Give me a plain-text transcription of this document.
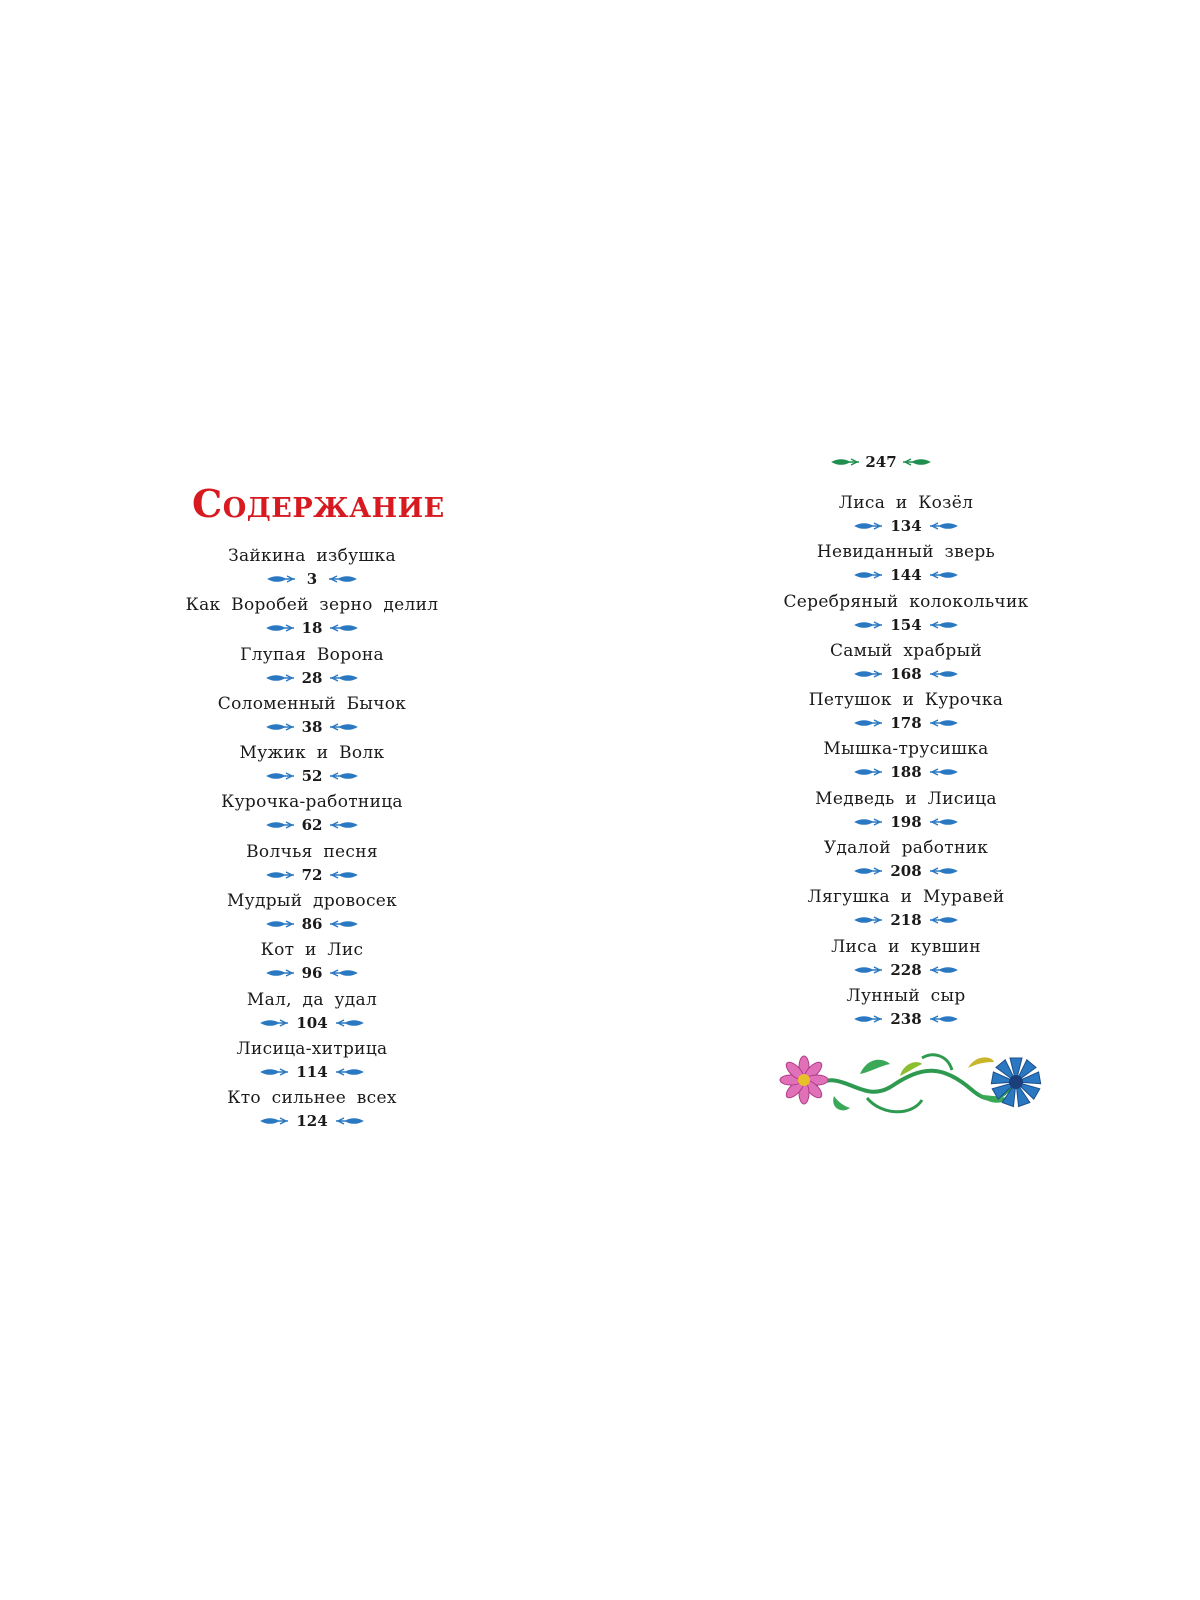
Содержание
247
Зайкина избушка
3
Как Воробей зерно делил
18
Глупая Ворона
28
Соломенный Бычок
38
Мужик и Волк
52
Курочка-работница
62
Волчья песня
72
Мудрый дровосек
86
Кот и Лис
96
Мал, да удал
104
Лисица-хитрица
114
Кто сильнее всех
124
Лиса и Козёл
134
Невиданный зверь
144
Серебряный колокольчик
154
Самый храбрый
168
Петушок и Курочка
178
Мышка-трусишка
188
Медведь и Лисица
198
Удалой работник
208
Лягушка и Муравей
218
Лиса и кувшин
228
Лунный сыр
238
